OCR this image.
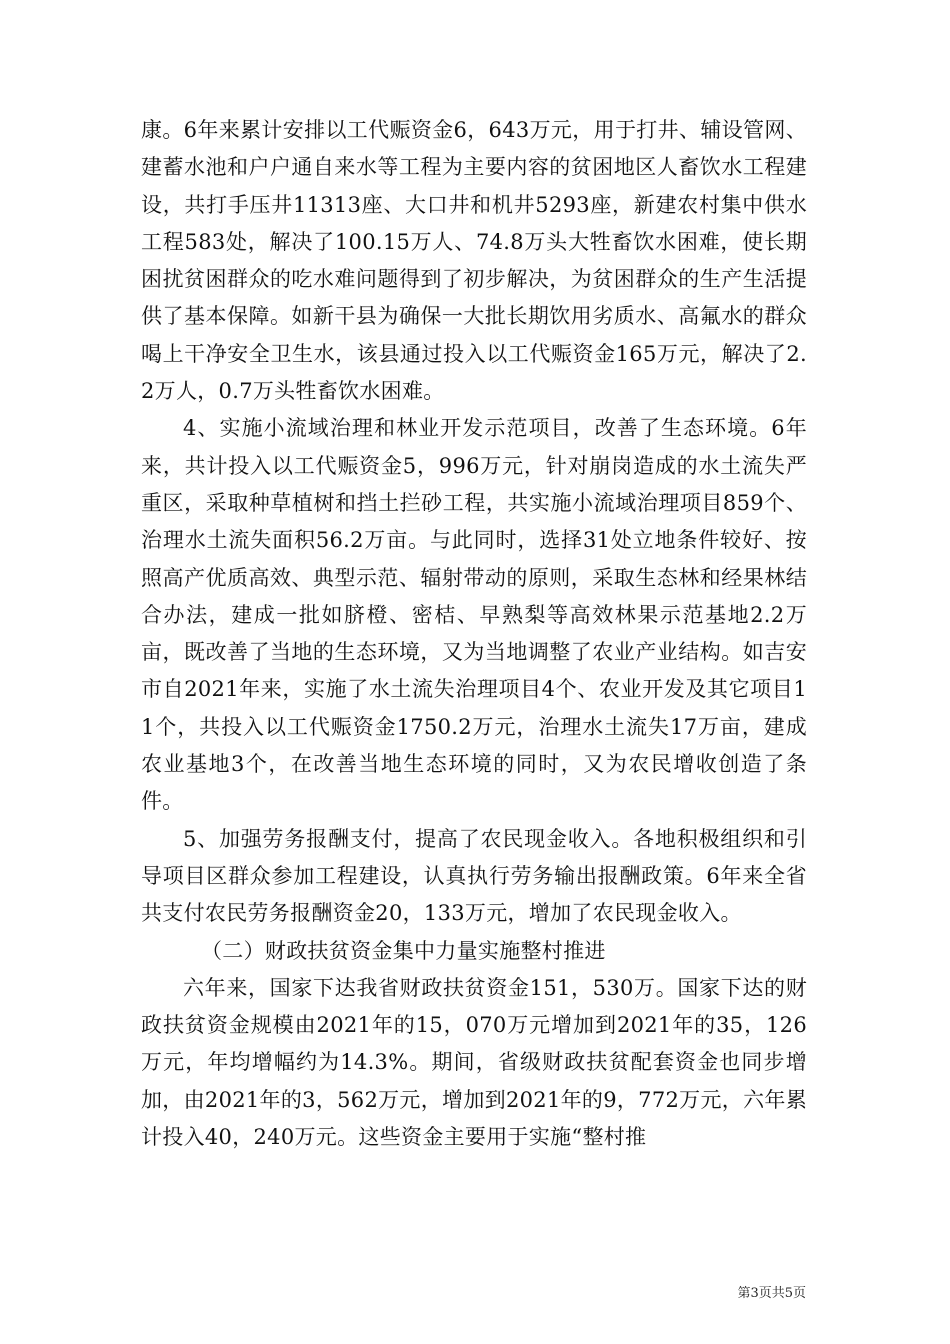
康。6年来累计安排以工代赈资金6，643万元，用于打井、辅设管网、建蓄水池和户户通自来水等工程为主要内容的贫困地区人畜饮水工程建设，共打手压井11313座、大口井和机井5293座，新建农村集中供水工程583处，解决了100.15万人、74.8万头大牲畜饮水困难，使长期困扰贫困群众的吃水难问题得到了初步解决，为贫困群众的生产生活提供了基本保障。如新干县为确保一大批长期饮用劣质水、高氟水的群众喝上干净安全卫生水，该县通过投入以工代赈资金165万元，解决了2.2万人，0.7万头牲畜饮水困难。

4、实施小流域治理和林业开发示范项目，改善了生态环境。6年来，共计投入以工代赈资金5，996万元，针对崩岗造成的水土流失严重区，采取种草植树和挡土拦砂工程，共实施小流域治理项目859个、治理水土流失面积56.2万亩。与此同时，选择31处立地条件较好、按照高产优质高效、典型示范、辐射带动的原则，采取生态林和经果林结合办法，建成一批如脐橙、密桔、早熟梨等高效林果示范基地2.2万亩，既改善了当地的生态环境，又为当地调整了农业产业结构。如吉安市自2021年来，实施了水土流失治理项目4个、农业开发及其它项目11个，共投入以工代赈资金1750.2万元，治理水土流失17万亩，建成农业基地3个，在改善当地生态环境的同时，又为农民增收创造了条件。

5、加强劳务报酬支付，提高了农民现金收入。各地积极组织和引导项目区群众参加工程建设，认真执行劳务输出报酬政策。6年来全省共支付农民劳务报酬资金20，133万元，增加了农民现金收入。

（二）财政扶贫资金集中力量实施整村推进

六年来，国家下达我省财政扶贫资金151，530万。国家下达的财政扶贫资金规模由2021年的15，070万元增加到2021年的35，126万元，年均增幅约为14.3%。期间，省级财政扶贫配套资金也同步增加，由2021年的3，562万元，增加到2021年的9，772万元，六年累计投入40，240万元。这些资金主要用于实施“整村推

第3页共5页
